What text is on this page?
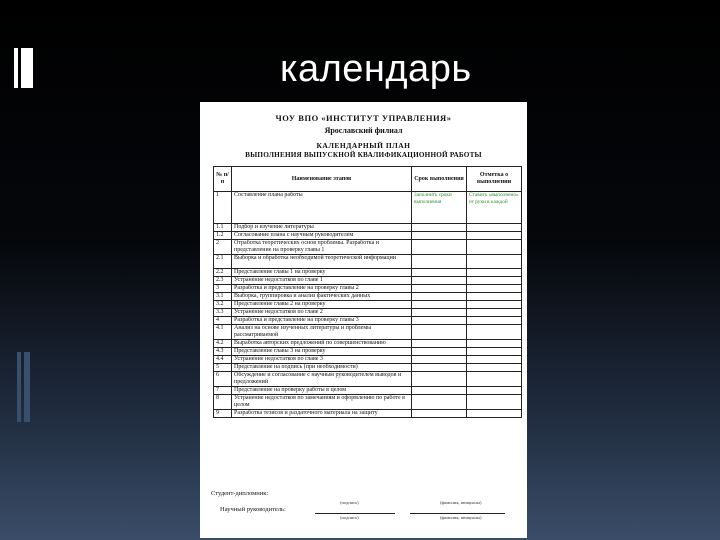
календарь
ЧОУ ВПО «ИНСТИТУТ УПРАВЛЕНИЯ»
Ярославский филиал
КАЛЕНДАРНЫЙ ПЛАН
ВЫПОЛНЕНИЯ ВЫПУСКНОЙ КВАЛИФИКАЦИОННОЙ РАБОТЫ
№ п/п	Наименование этапов	Срок выполнения	Отметка о выполнении
1	Составление плана работы	Заполнить сроки выполнения	Ставить «выполнено» от руки в каждой
1.1	Подбор и изучение литературы		
1.2	Согласование плана с научным руководителем		
2	Отработка теоретических основ проблемы. Разработка и представление на проверку главы 1		
2.1	Выборка и обработка необходимой теоретической информации		
2.2	Представление главы 1 на проверку		
2.3	Устранение недостатков по главе 1		
3	Разработка и представление на проверку главы 2		
3.1	Выборка, группировка и анализ фактических данных		
3.2	Представление главы 2 на проверку		
3.3	Устранение недостатков по главе 2		
4	Разработка и представление на проверку главы 3		
4.1	Анализ на основе изученных литературы и проблемы рассматриваемой		
4.2	Выработка авторских предложений по совершенствованию		
4.3	Представление главы 3 на проверку		
4.4	Устранение недостатков по главе 3		
5	Представление на подпись (при необходимости)		
6	Обсуждение и согласование с научным руководителем выводов и предложений		
7	Представление на проверку работы в целом		
8	Устранение недостатков по замечаниям и оформлению по работе в целом		
9	Разработка тезисов и раздаточного материала на защиту		
Студент-дипломник:
Научный руководитель:
(подпись)	(фамилия, инициалы)
(подпись)	(фамилия, инициалы)
